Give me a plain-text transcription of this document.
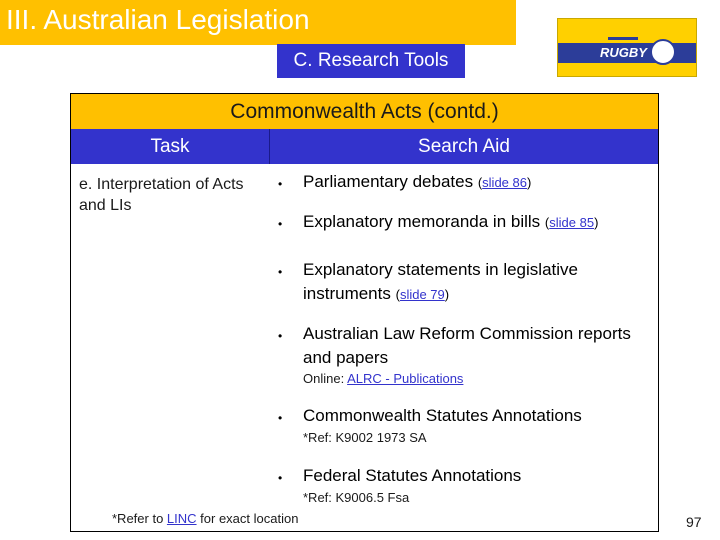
III. Australian Legislation
C. Research Tools	RUGBY
Commonwealth Acts (contd.)
Task	Search Aid
e. Interpretation of Acts and LIs
• Parliamentary debates (slide 86)
• Explanatory memoranda in bills (slide 85)
• Explanatory statements in legislative
instruments (slide 79)
• Australian Law Reform Commission reports
and papers
Online: ALRC - Publications
• Commonwealth Statutes Annotations
*Ref: K9002 1973 SA
• Federal Statutes Annotations
*Ref: K9006.5 Fsa
*Refer to LINC for exact location	97
